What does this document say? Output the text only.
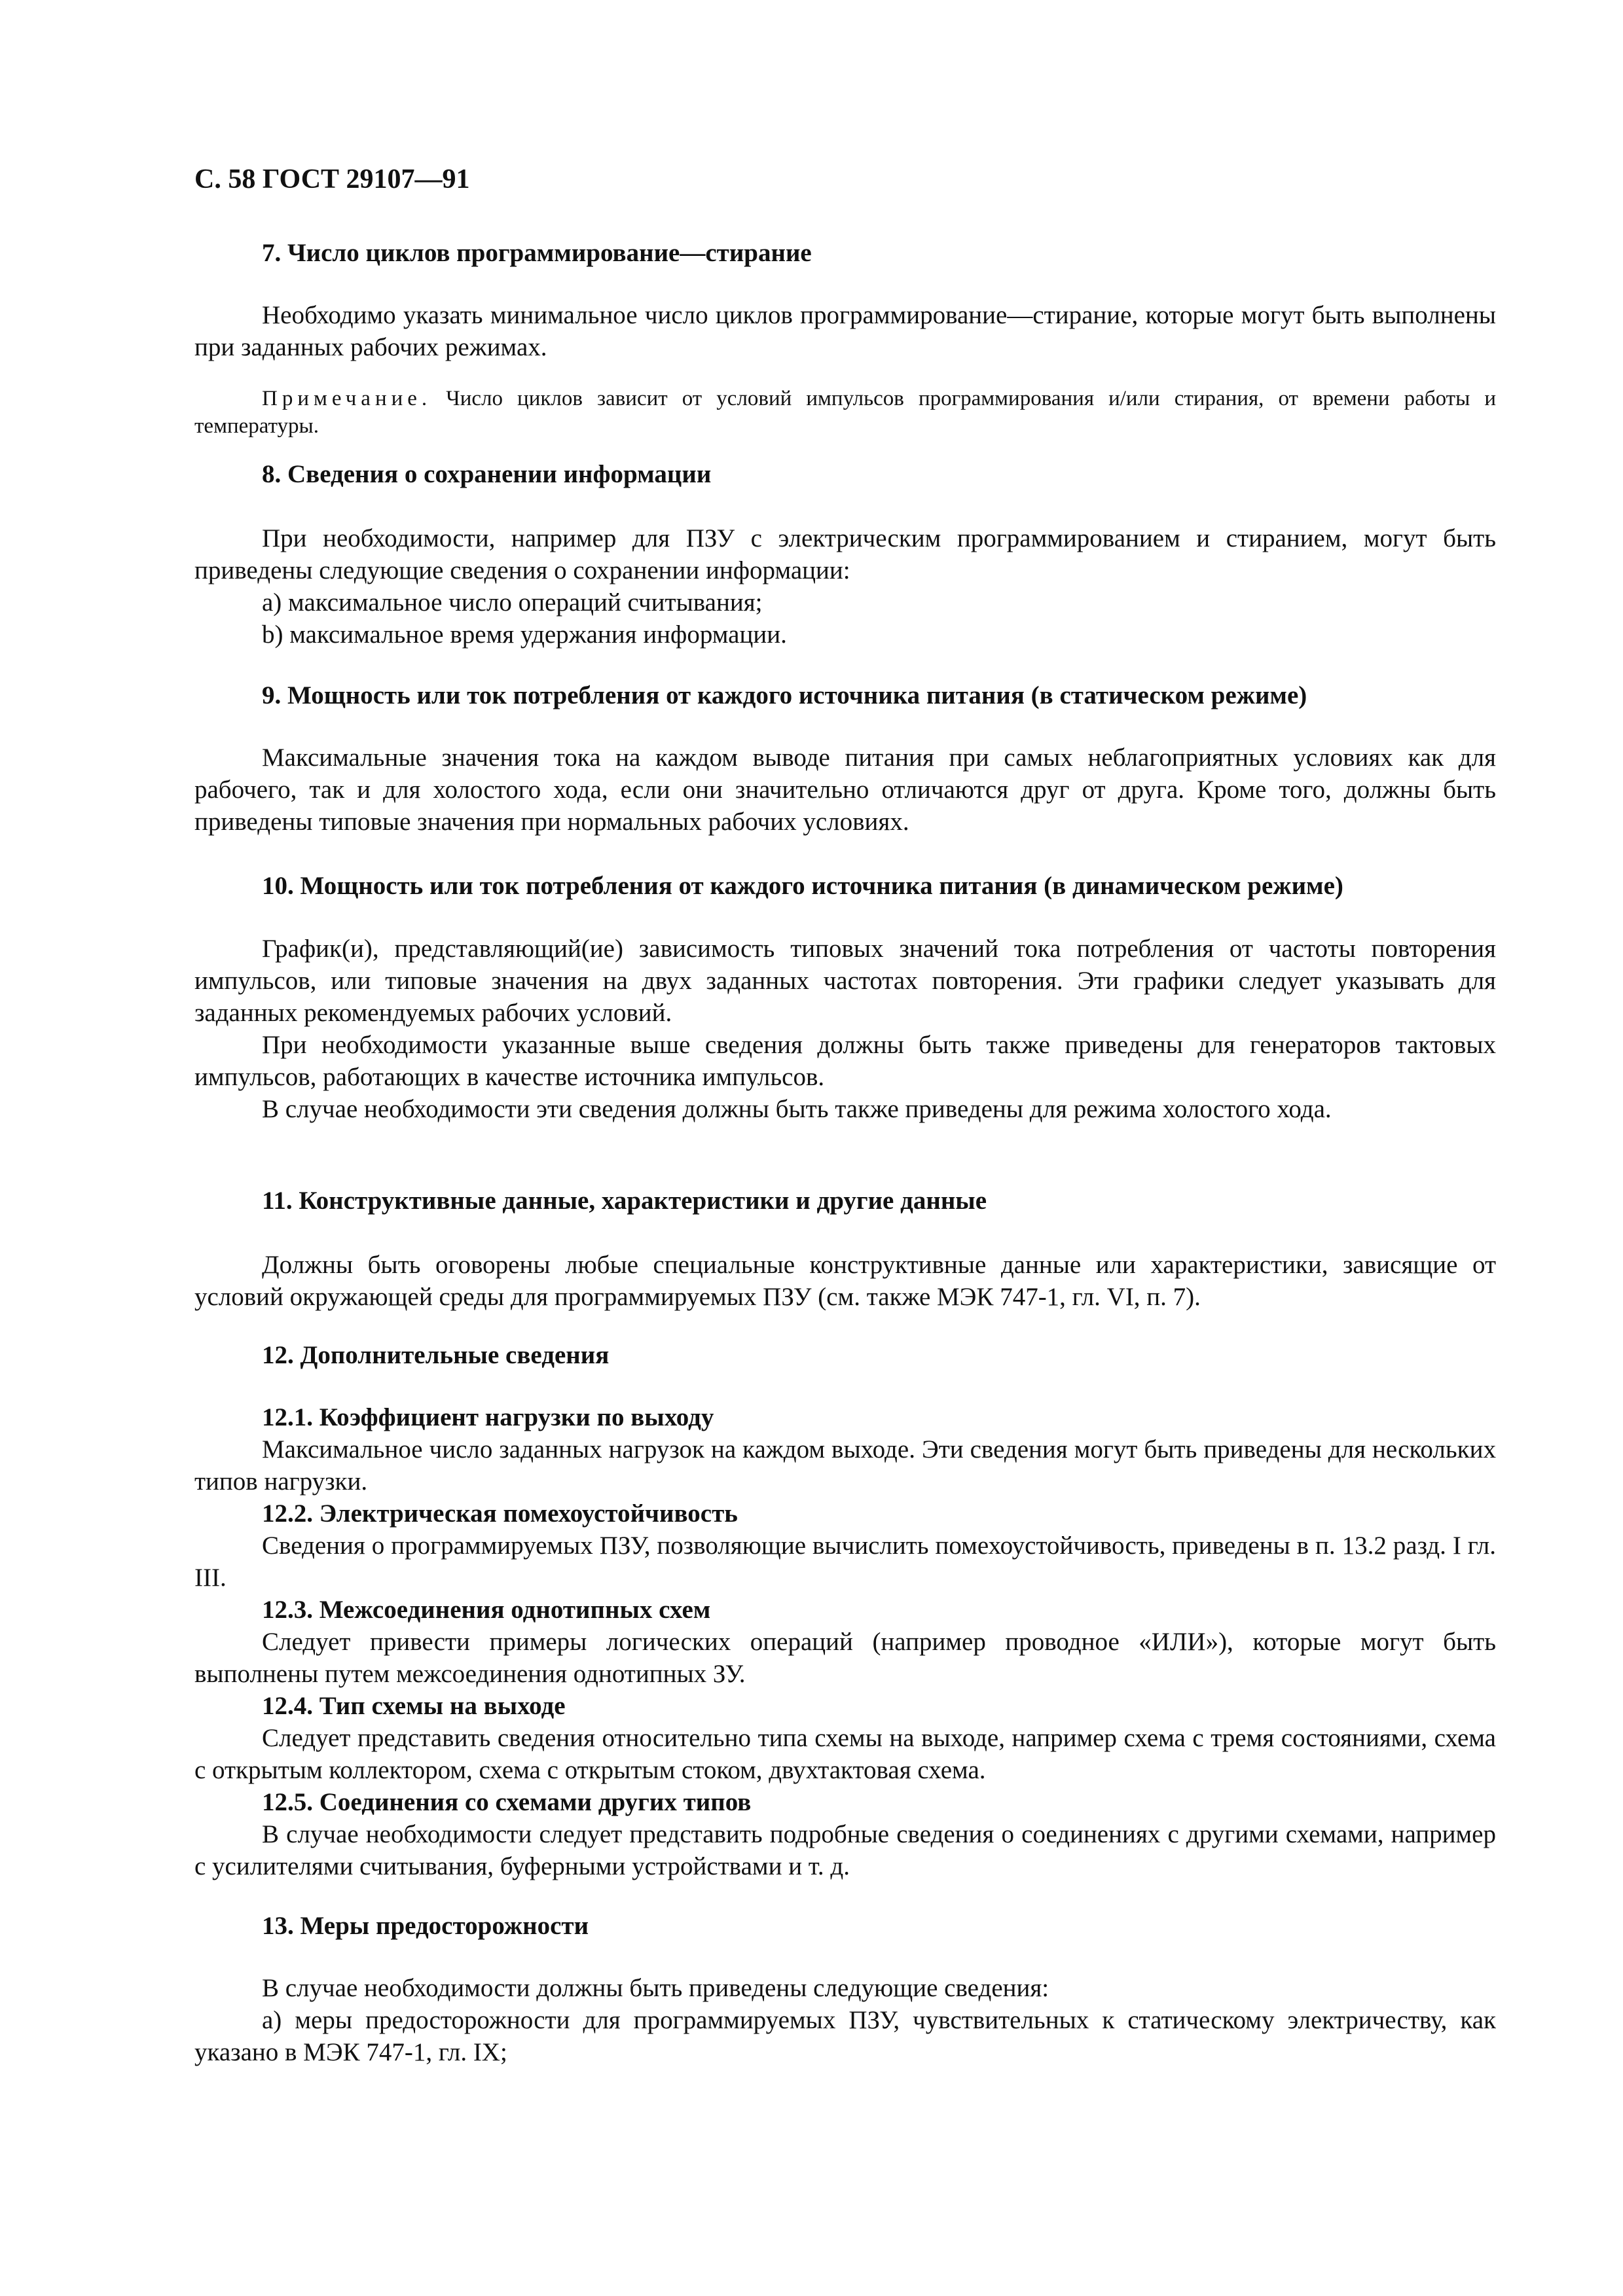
С. 58 ГОСТ 29107—91
7. Число циклов программирование—стирание
Необходимо указать минимальное число циклов программирование—стирание, которые могут быть выполнены при заданных рабочих режимах.
Примечание. Число циклов зависит от условий импульсов программирования и/или стирания, от времени работы и температуры.
8. Сведения о сохранении информации
При необходимости, например для ПЗУ с электрическим программированием и стиранием, могут быть приведены следующие сведения о сохранении информации:
а) максимальное число операций считывания;
b) максимальное время удержания информации.
9. Мощность или ток потребления от каждого источника питания (в статическом режиме)
Максимальные значения тока на каждом выводе питания при самых неблагоприятных условиях как для рабочего, так и для холостого хода, если они значительно отличаются друг от друга. Кроме того, должны быть приведены типовые значения при нормальных рабочих условиях.
10. Мощность или ток потребления от каждого источника питания (в динамическом режиме)
График(и), представляющий(ие) зависимость типовых значений тока потребления от частоты повторения импульсов, или типовые значения на двух заданных частотах повторения. Эти графики следует указывать для заданных рекомендуемых рабочих условий.
При необходимости указанные выше сведения должны быть также приведены для генераторов тактовых импульсов, работающих в качестве источника импульсов.
В случае необходимости эти сведения должны быть также приведены для режима холостого хода.
11. Конструктивные данные, характеристики и другие данные
Должны быть оговорены любые специальные конструктивные данные или характеристики, зависящие от условий окружающей среды для программируемых ПЗУ (см. также МЭК 747-1, гл. VI, п. 7).
12. Дополнительные сведения
12.1. Коэффициент нагрузки по выходу
Максимальное число заданных нагрузок на каждом выходе. Эти сведения могут быть приведены для нескольких типов нагрузки.
12.2. Электрическая помехоустойчивость
Сведения о программируемых ПЗУ, позволяющие вычислить помехоустойчивость, приведены в п. 13.2 разд. I гл. III.
12.3. Межсоединения однотипных схем
Следует привести примеры логических операций (например проводное «ИЛИ»), которые могут быть выполнены путем межсоединения однотипных ЗУ.
12.4. Тип схемы на выходе
Следует представить сведения относительно типа схемы на выходе, например схема с тремя состояниями, схема с открытым коллектором, схема с открытым стоком, двухтактовая схема.
12.5. Соединения со схемами других типов
В случае необходимости следует представить подробные сведения о соединениях с другими схемами, например с усилителями считывания, буферными устройствами и т. д.
13. Меры предосторожности
В случае необходимости должны быть приведены следующие сведения:
а) меры предосторожности для программируемых ПЗУ, чувствительных к статическому электричеству, как указано в МЭК 747-1, гл. IX;
